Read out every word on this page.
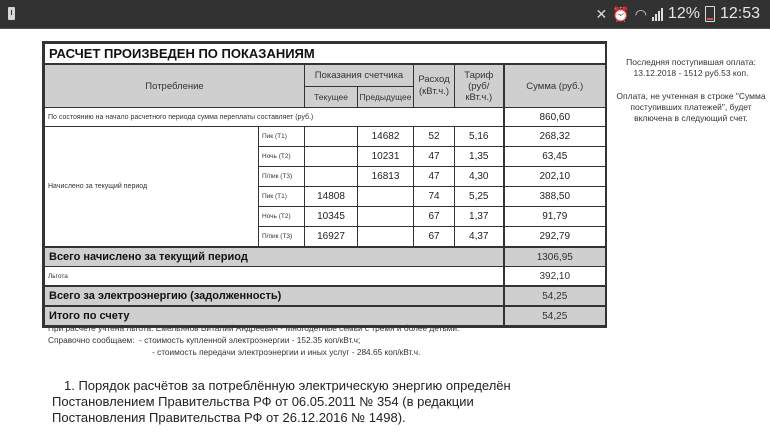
✕ ⏰ ◠ 12% 12:53
РАСЧЕТ ПРОИЗВЕДЕН ПО ПОКАЗАНИЯМ						
Потребление		Показания счетчика		Расход (кВт.ч.)	Тариф (руб/ кВт.ч.)	Сумма (руб.)
		Текущее	Предыдущее			
По состоянию на начало расчетного периода сумма переплаты составляет (руб.)						860,60
Начислено за текущий период	Пик (T1)		14682	52	5,16	268,32
	Ночь (T2)		10231	47	1,35	63,45
	П/пик (T3)		16813	47	4,30	202,10
	Пик (T1)	14808		74	5,25	388,50
	Ночь (T2)	10345		67	1,37	91,79
	П/пик (T3)	16927		67	4,37	292,79
Всего начислено за текущий период						1306,95
Льгота						392,10
Всего за электроэнергию (задолженность)						54,25
Итого по счету						54,25

Последняя поступившая оплата:

13.12.2018 - 1512 руб.53 коп.

Оплата, не учтенная в строке "Сумма поступивших платежей", будет включена в следующий счет.

При расчете учтена льгота: Емельянов Виталий Андреевич - Многодетные семьи с тремя и более детьми.
Справочно сообщаем:  - стоимость купленной электроэнергии - 152.35 коп/кВт.ч;
- стоимость передачи электроэнергии и иных услуг - 284.65 коп/кВт.ч.
1. Порядок расчётов за потреблённую электрическую энергию определён
Постановлением Правительства РФ от 06.05.2011 № 354 (в редакции
Постановления Правительства РФ от 26.12.2016 № 1498).
